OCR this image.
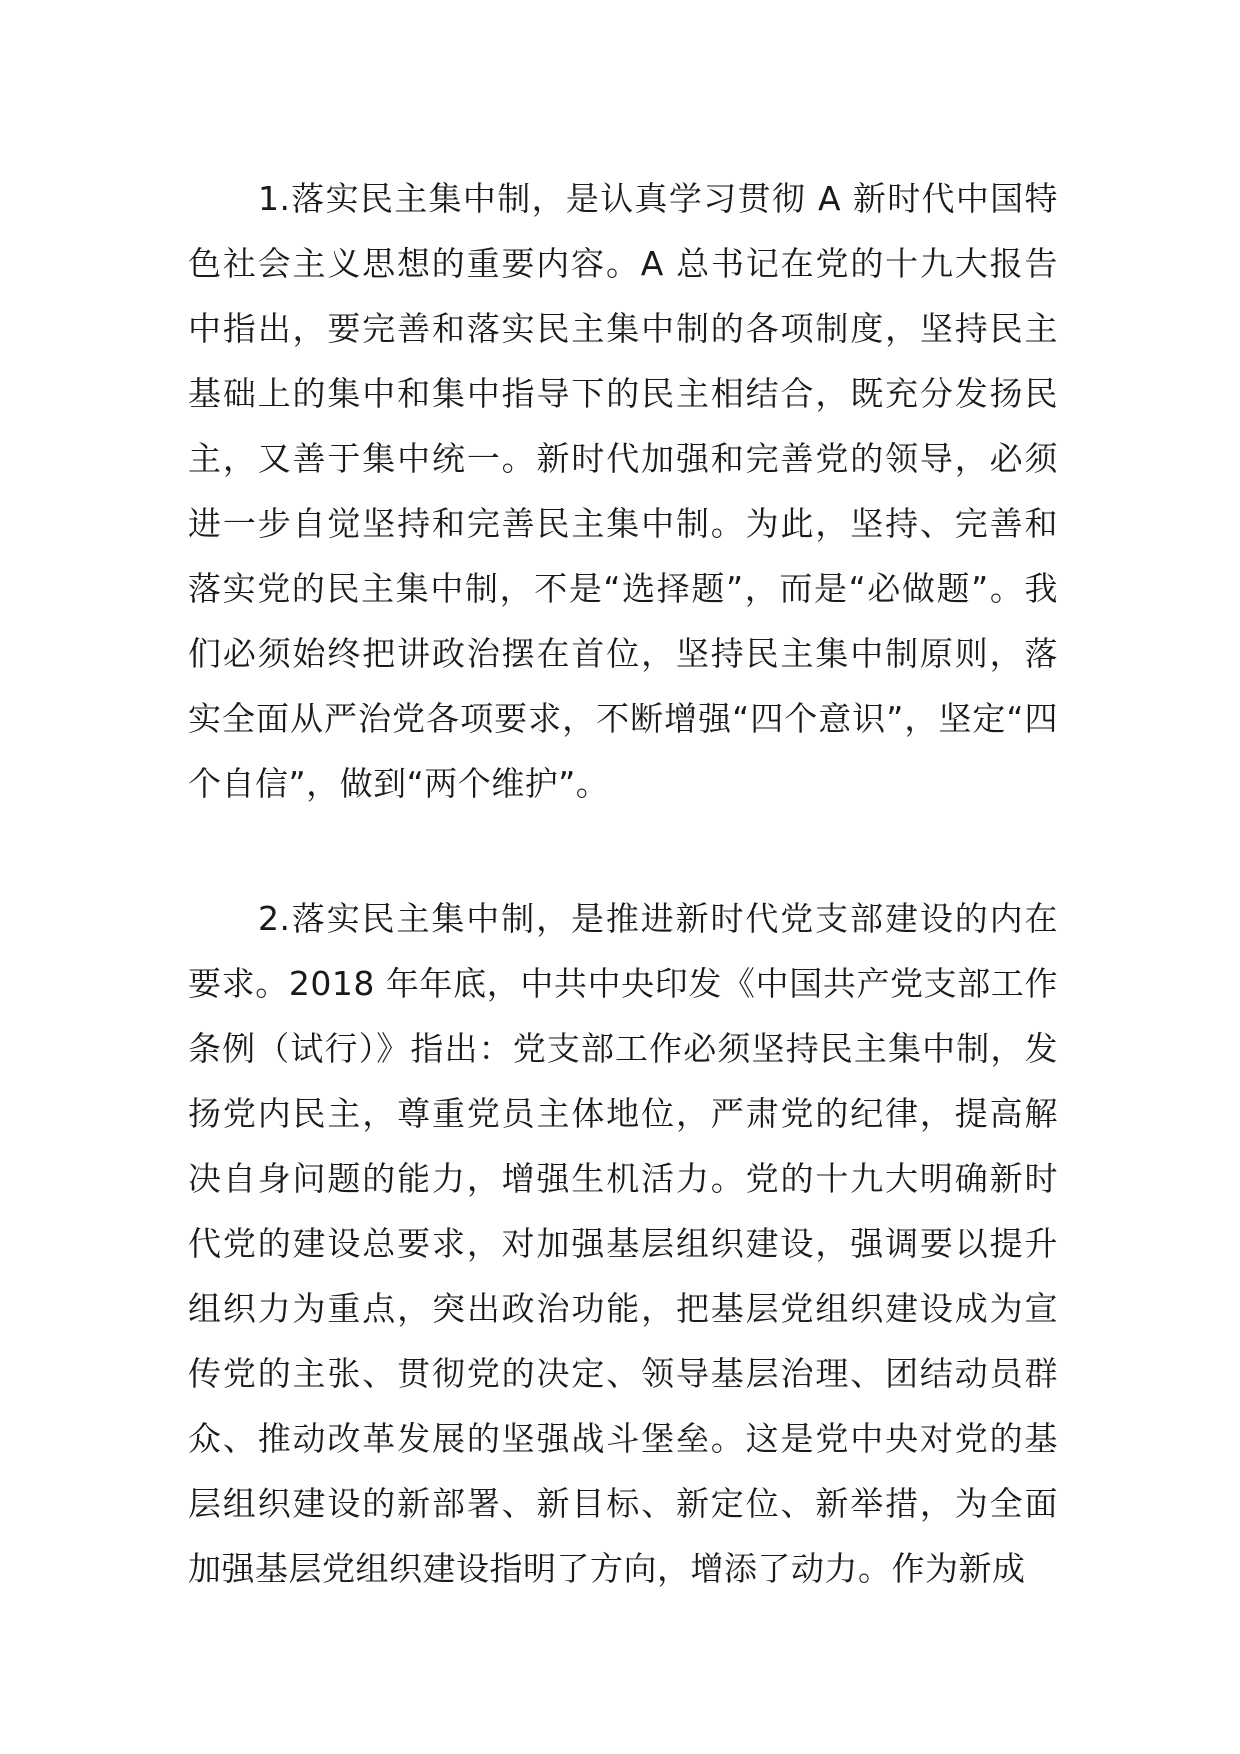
1.落实民主集中制，是认真学习贯彻 A 新时代中国特色社会主义思想的重要内容。A 总书记在党的十九大报告中指出，要完善和落实民主集中制的各项制度，坚持民主基础上的集中和集中指导下的民主相结合，既充分发扬民主，又善于集中统一。新时代加强和完善党的领导，必须进一步自觉坚持和完善民主集中制。为此，坚持、完善和落实党的民主集中制，不是“选择题”，而是“必做题”。我们必须始终把讲政治摆在首位，坚持民主集中制原则，落实全面从严治党各项要求，不断增强“四个意识”，坚定“四个自信”，做到“两个维护”。

2.落实民主集中制，是推进新时代党支部建设的内在要求。2018 年年底，中共中央印发《中国共产党支部工作条例（试行）》指出：党支部工作必须坚持民主集中制，发扬党内民主，尊重党员主体地位，严肃党的纪律，提高解决自身问题的能力，增强生机活力。党的十九大明确新时代党的建设总要求，对加强基层组织建设，强调要以提升组织力为重点，突出政治功能，把基层党组织建设成为宣传党的主张、贯彻党的决定、领导基层治理、团结动员群众、推动改革发展的坚强战斗堡垒。这是党中央对党的基层组织建设的新部署、新目标、新定位、新举措，为全面加强基层党组织建设指明了方向，增添了动力。作为新成
